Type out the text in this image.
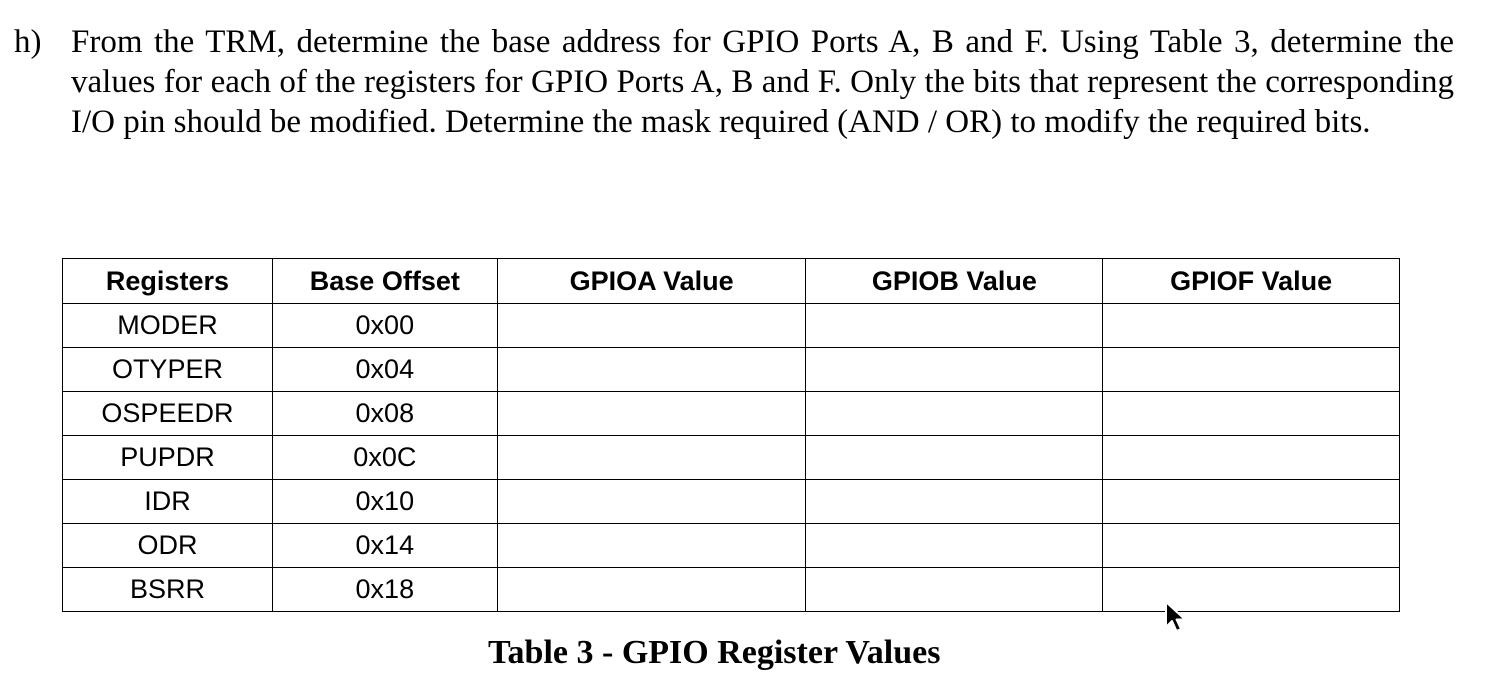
h) From the TRM, determine the base address for GPIO Ports A, B and F. Using Table 3, determine the values for each of the registers for GPIO Ports A, B and F. Only the bits that represent the corresponding I/O pin should be modified. Determine the mask required (AND / OR) to modify the required bits.
Registers	Base Offset	GPIOA Value	GPIOB Value	GPIOF Value
MODER	0x00			
OTYPER	0x04			
OSPEEDR	0x08			
PUPDR	0x0C			
IDR	0x10			
ODR	0x14			
BSRR	0x18			
Table 3 - GPIO Register Values
